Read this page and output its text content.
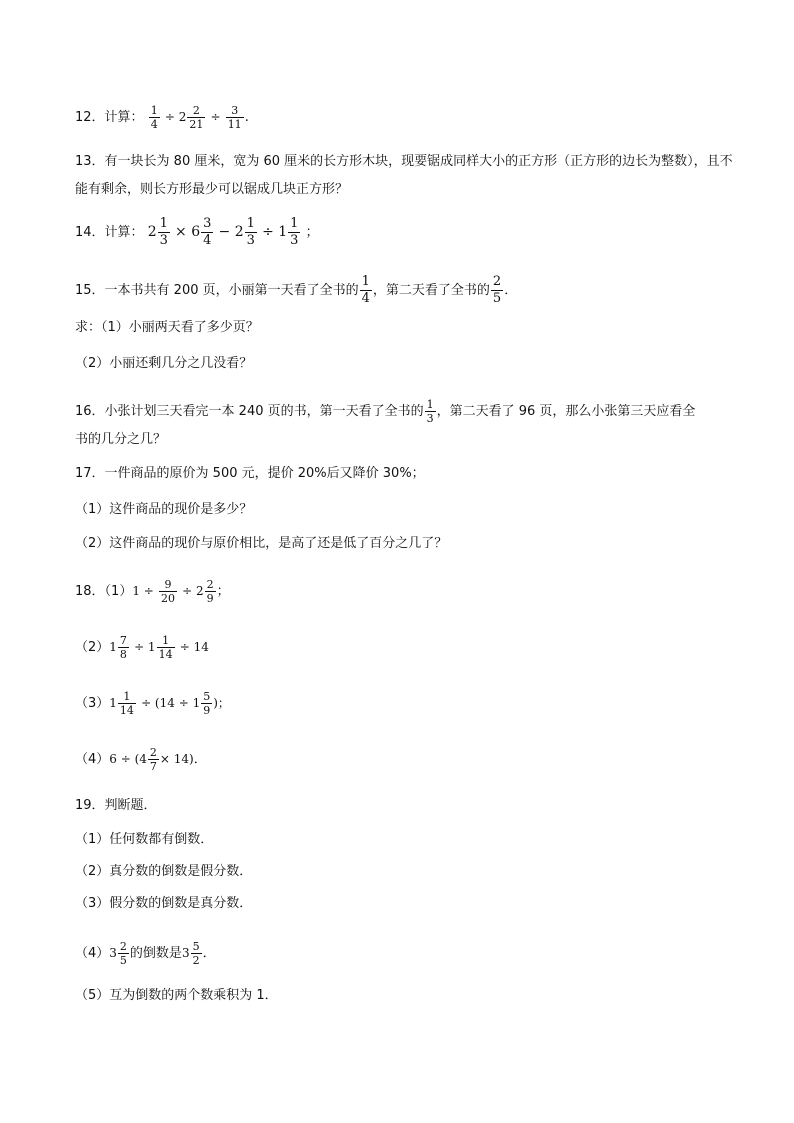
12．计算： $\frac{1}{4} \div 2 \frac{2}{21} \div \frac{3}{11}$ .
13．有一块长为 80 厘米，宽为 60 厘米的长方形木块，现要锯成同样大小的正方形（正方形的边长为整数），且不能有剩余，则长方形最少可以锯成几块正方形？
14．计算： $2 \frac{1}{3} \times 6 \frac{3}{4} - 2 \frac{1}{3} \div 1 \frac{1}{3}$ ；
15．一本书共有 200 页，小丽第一天看了全书的 $\frac{1}{4}$ ，第二天看了全书的 $\frac{2}{5}$ ．
求：（1）小丽两天看了多少页？
（2）小丽还剩几分之几没看？
16．小张计划三天看完一本 240 页的书，第一天看了全书的 $\frac{1}{3}$ ，第二天看了 96 页，那么小张第三天应看全
书的几分之几？
17．一件商品的原价为 500 元，提价 20%后又降价 30%；
（1）这件商品的现价是多少？
（2）这件商品的现价与原价相比，是高了还是低了百分之几了？
18．$(1)1 \div \frac{9}{20} \div 2 \frac{2}{9}$ ；
$(2)1 \frac{7}{8} \div 1 \frac{1}{14} \div 14$
$(3)1 \frac{1}{14} \div (14 \div 1 \frac{5}{9}$ )；
$(4)6 \div (4 \frac{2}{7} \times 14)$．
19．判断题．
（1）任何数都有倒数．
（2）真分数的倒数是假分数．
（3）假分数的倒数是真分数．
$(4)3 \frac{2}{5}$ 的倒数是$3 \frac{5}{2}$ ．
（5）互为倒数的两个数乘积为 1．
